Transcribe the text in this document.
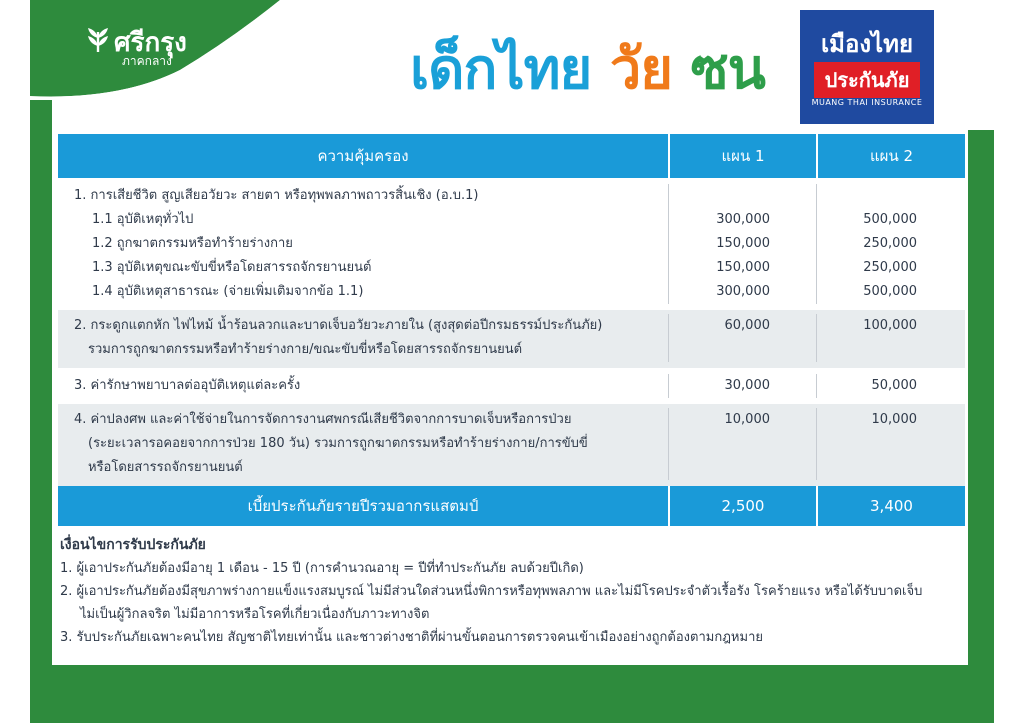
ศรีกรุง
ภาคกลาง	เด็กไทย วัย ซน	เมืองไทย
ประกันภัย
MUANG THAI INSURANCE
ความคุ้มครอง	แผน 1	แผน 2
1. การเสียชีวิต สูญเสียอวัยวะ สายตา หรือทุพพลภาพถาวรสิ้นเชิง (อ.บ.1)
1.1 อุบัติเหตุทั่วไป	300,000	500,000
1.2 ถูกฆาตกรรมหรือทำร้ายร่างกาย	150,000	250,000
1.3 อุบัติเหตุขณะขับขี่หรือโดยสารรถจักรยานยนต์	150,000	250,000
1.4 อุบัติเหตุสาธารณะ (จ่ายเพิ่มเติมจากข้อ 1.1)	300,000	500,000
2. กระดูกแตกหัก ไฟไหม้ น้ำร้อนลวกและบาดเจ็บอวัยวะภายใน (สูงสุดต่อปีกรมธรรม์ประกันภัย)
รวมการถูกฆาตกรรมหรือทำร้ายร่างกาย/ขณะขับขี่หรือโดยสารรถจักรยานยนต์
60,000	100,000
3. ค่ารักษาพยาบาลต่ออุบัติเหตุแต่ละครั้ง	30,000	50,000
4. ค่าปลงศพ และค่าใช้จ่ายในการจัดการงานศพกรณีเสียชีวิตจากการบาดเจ็บหรือการป่วย
(ระยะเวลารอคอยจากการป่วย 180 วัน) รวมการถูกฆาตกรรมหรือทำร้ายร่างกาย/การขับขี่
หรือโดยสารรถจักรยานยนต์
10,000	10,000
เบี้ยประกันภัยรายปีรวมอากรแสตมป์	2,500	3,400
เงื่อนไขการรับประกันภัย
1. ผู้เอาประกันภัยต้องมีอายุ 1 เดือน - 15 ปี (การคำนวณอายุ = ปีที่ทำประกันภัย ลบด้วยปีเกิด)
2. ผู้เอาประกันภัยต้องมีสุขภาพร่างกายแข็งแรงสมบูรณ์ ไม่มีส่วนใดส่วนหนึ่งพิการหรือทุพพลภาพ และไม่มีโรคประจำตัวเรื้อรัง โรคร้ายแรง หรือได้รับบาดเจ็บ
ไม่เป็นผู้วิกลจริต ไม่มีอาการหรือโรคที่เกี่ยวเนื่องกับภาวะทางจิต
3. รับประกันภัยเฉพาะคนไทย สัญชาติไทยเท่านั้น และชาวต่างชาติที่ผ่านขั้นตอนการตรวจคนเข้าเมืองอย่างถูกต้องตามกฎหมาย
